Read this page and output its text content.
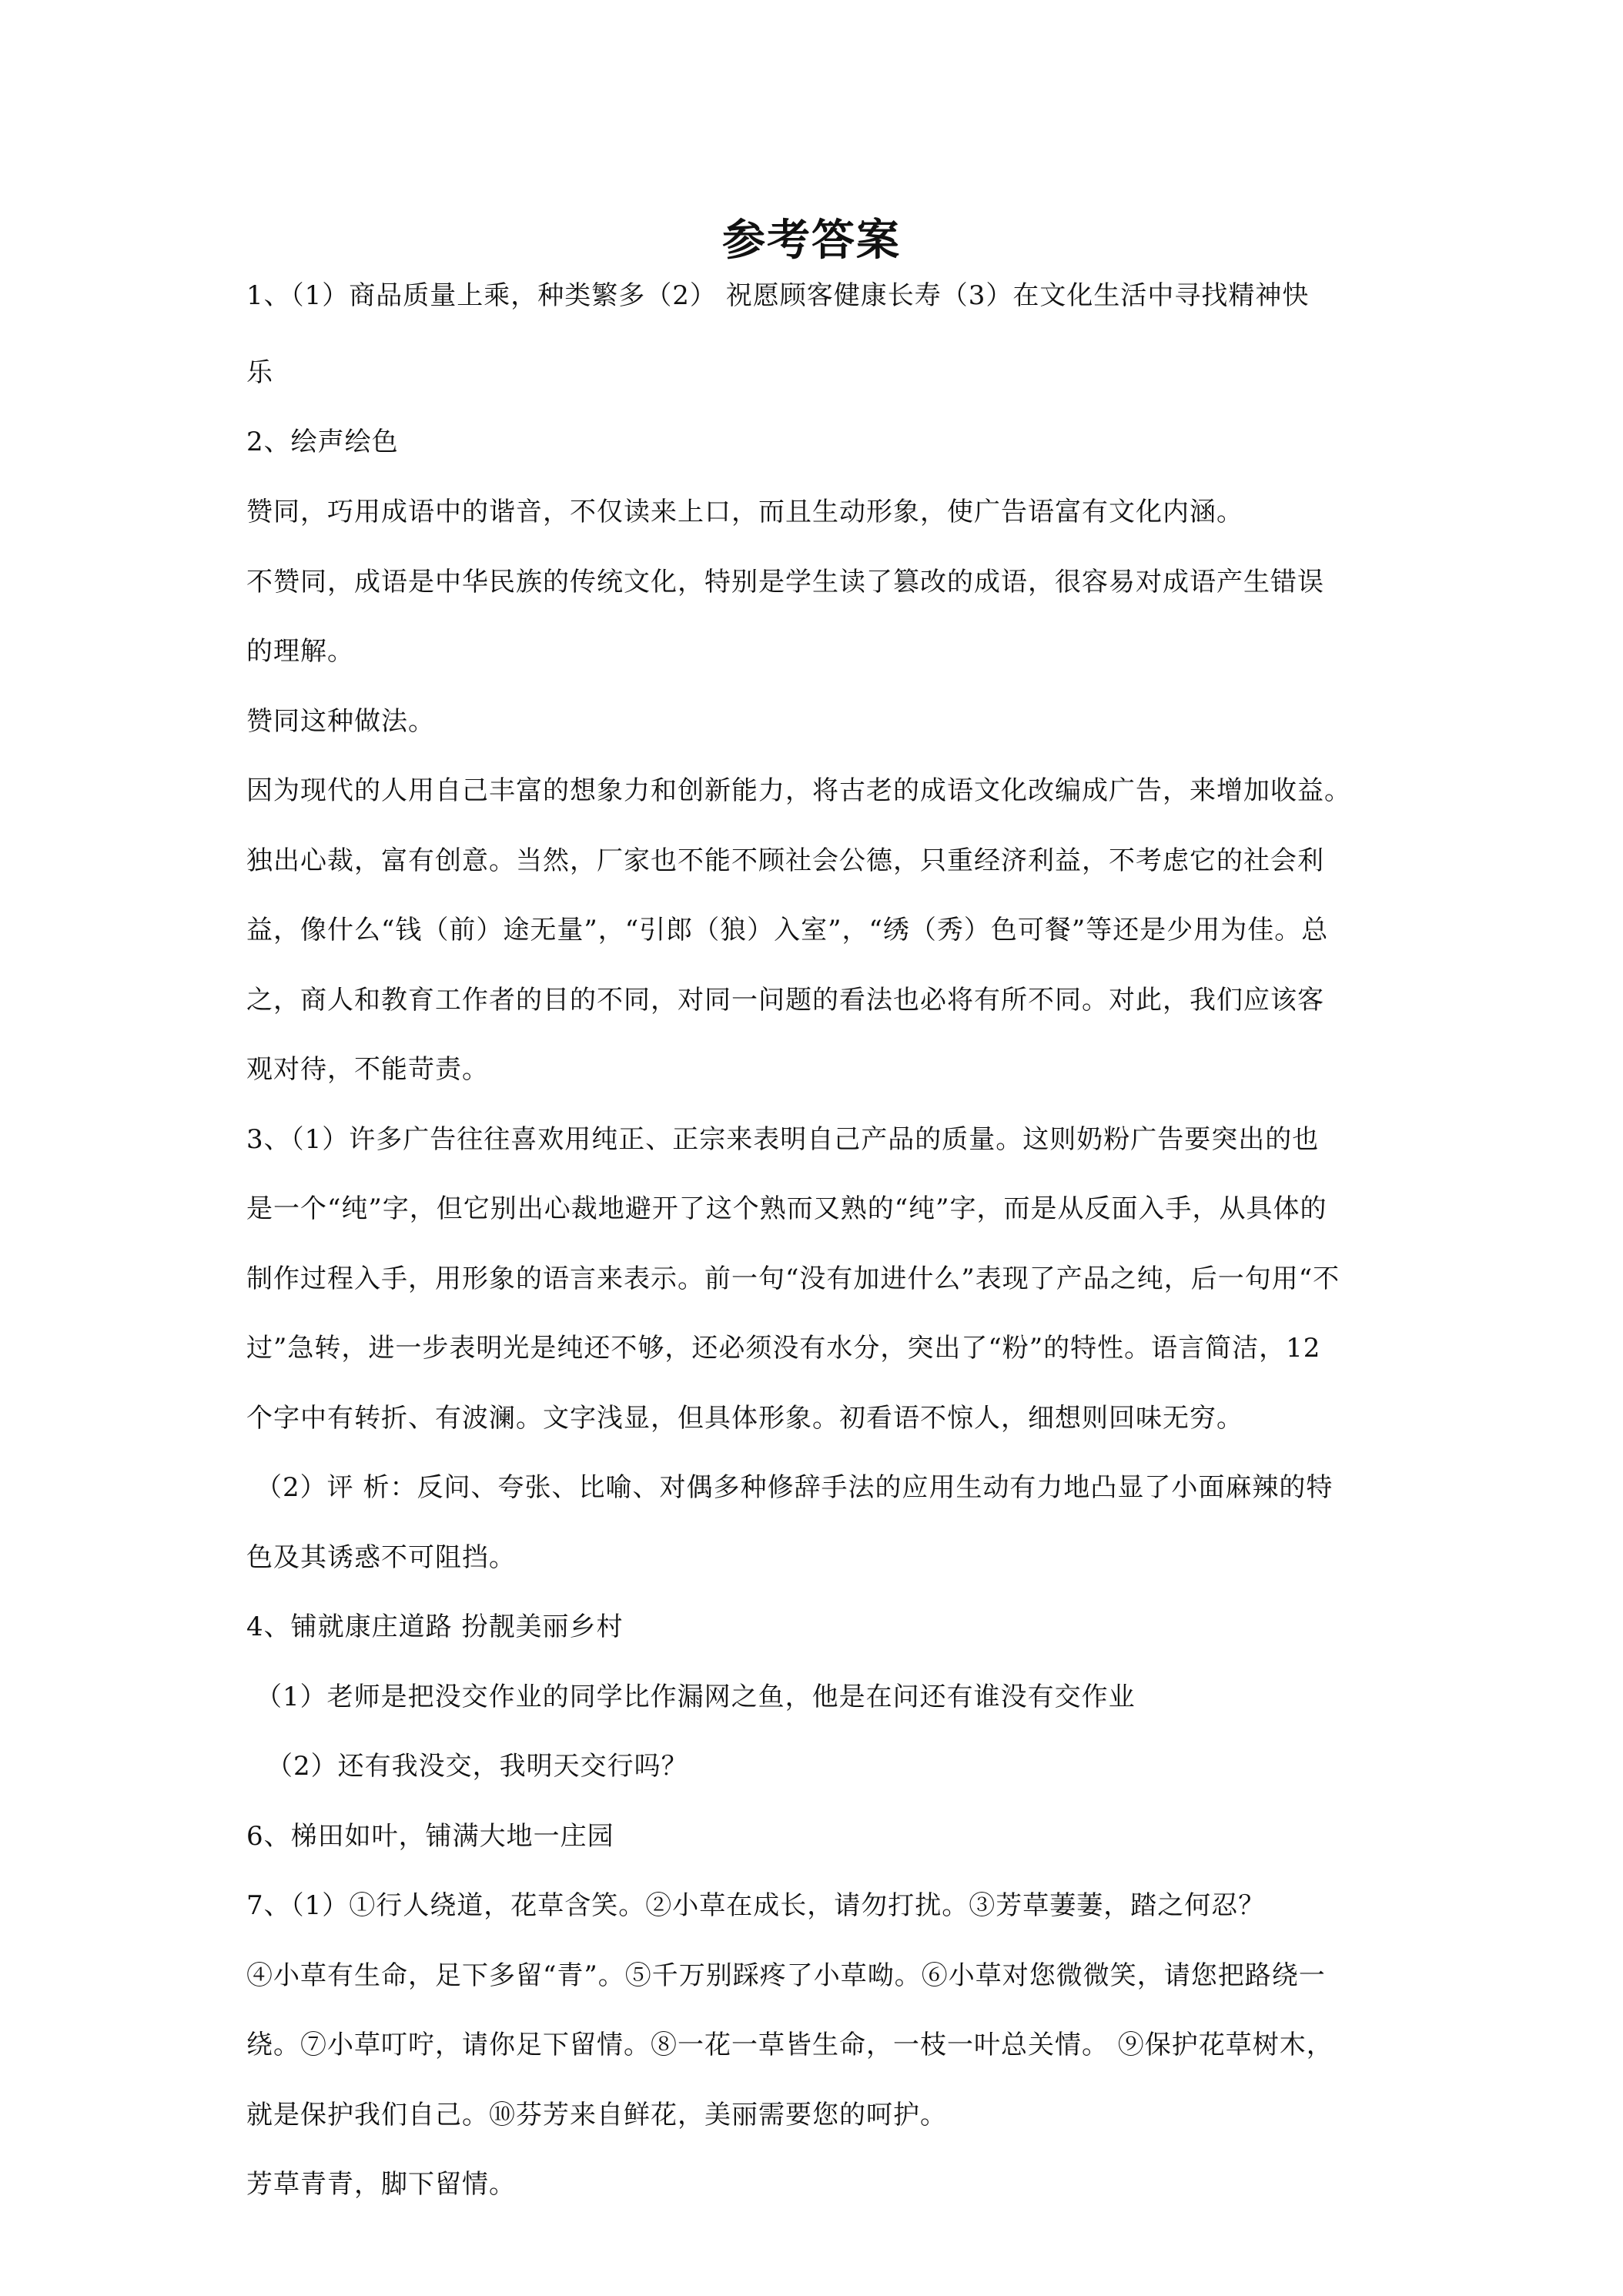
参考答案
1、（1）商品质量上乘，种类繁多（2） 祝愿顾客健康长寿（3）在文化生活中寻找精神快
乐
2、绘声绘色
赞同，巧用成语中的谐音，不仅读来上口，而且生动形象，使广告语富有文化内涵。
不赞同，成语是中华民族的传统文化，特别是学生读了篡改的成语，很容易对成语产生错误
的理解。
赞同这种做法。
因为现代的人用自己丰富的想象力和创新能力，将古老的成语文化改编成广告，来增加收益。
独出心裁，富有创意。当然，厂家也不能不顾社会公德，只重经济利益，不考虑它的社会利
益，像什么“钱（前）途无量”，“引郎（狼）入室”，“绣（秀）色可餐”等还是少用为佳。总
之，商人和教育工作者的目的不同，对同一问题的看法也必将有所不同。对此，我们应该客
观对待，不能苛责。
3、（1）许多广告往往喜欢用纯正、正宗来表明自己产品的质量。这则奶粉广告要突出的也
是一个“纯”字，但它别出心裁地避开了这个熟而又熟的“纯”字，而是从反面入手，从具体的
制作过程入手，用形象的语言来表示。前一句“没有加进什么”表现了产品之纯，后一句用“不
过”急转，进一步表明光是纯还不够，还必须没有水分，突出了“粉”的特性。语言简洁，12
个字中有转折、有波澜。文字浅显，但具体形象。初看语不惊人，细想则回味无穷。
（2）评 析：反问、夸张、比喻、对偶多种修辞手法的应用生动有力地凸显了小面麻辣的特
色及其诱惑不可阻挡。
4、铺就康庄道路 扮靓美丽乡村
（1）老师是把没交作业的同学比作漏网之鱼，他是在问还有谁没有交作业
（2）还有我没交，我明天交行吗？
6、梯田如叶，铺满大地一庄园
7、（1）①行人绕道，花草含笑。②小草在成长，请勿打扰。③芳草萋萋，踏之何忍？
④小草有生命，足下多留“青”。⑤千万别踩疼了小草呦。⑥小草对您微微笑，请您把路绕一
绕。⑦小草叮咛，请你足下留情。⑧一花一草皆生命，一枝一叶总关情。 ⑨保护花草树木，
就是保护我们自己。⑩芬芳来自鲜花，美丽需要您的呵护。
芳草青青，脚下留情。
